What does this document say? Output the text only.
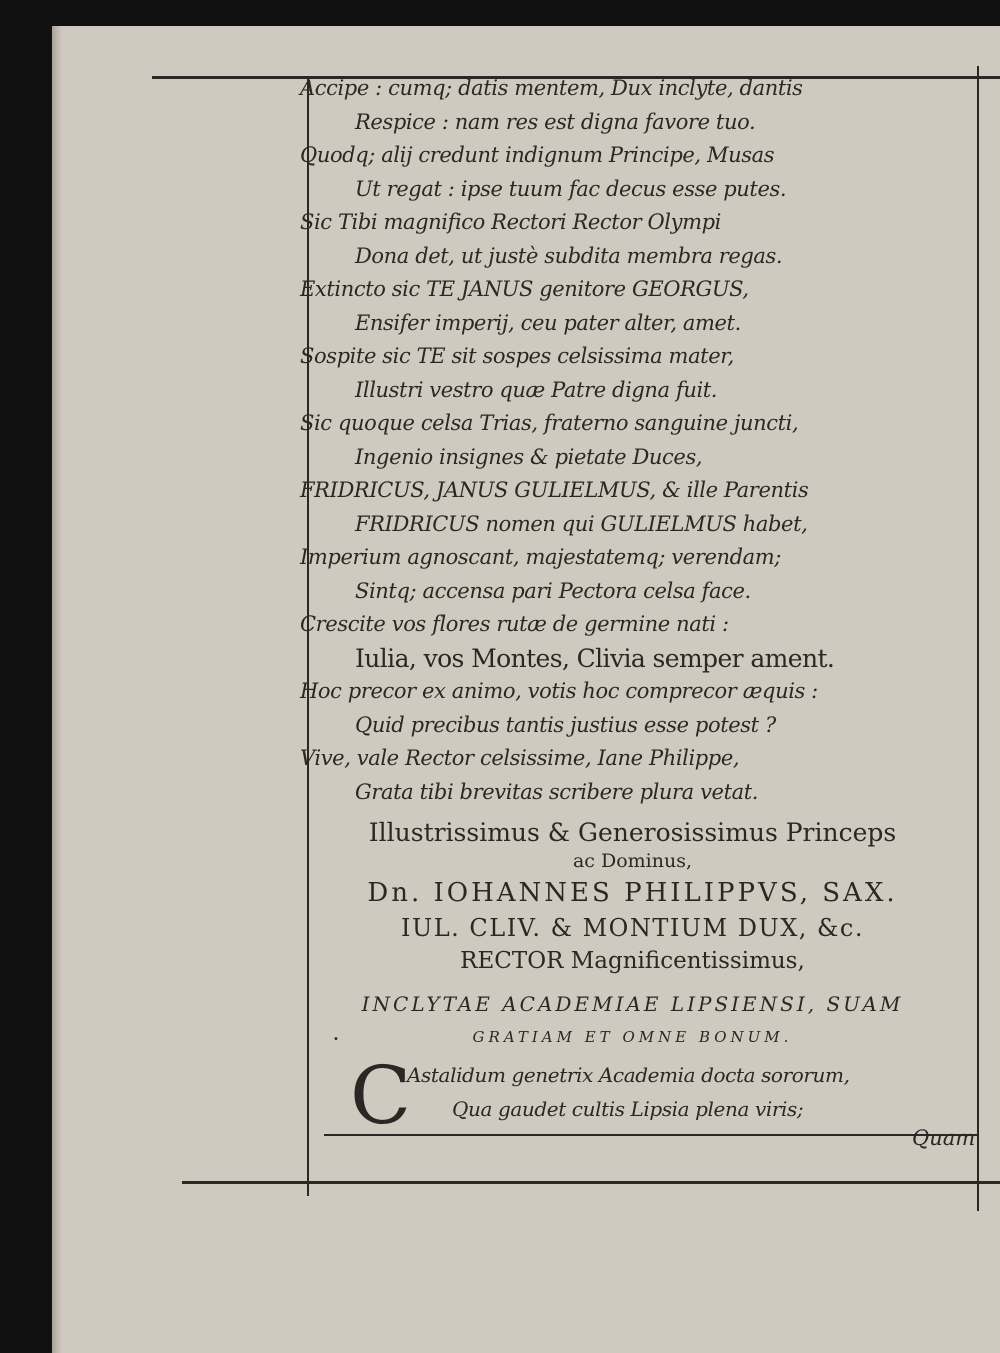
Accipe : cumq; datis mentem, Dux inclyte, dantis
Respice : nam res est digna favore tuo.
Quodq; alij credunt indignum Principe, Musas
Ut regat : ipse tuum fac decus esse putes.
Sic Tibi magnifico Rectori Rector Olympi
Dona det, ut justè subdita membra regas.
Extincto sic TE JANUS genitore GEORGUS,
Ensifer imperij, ceu pater alter, amet.
Sospite sic TE sit sospes celsissima mater,
Illustri vestro quæ Patre digna fuit.
Sic quoque celsa Trias, fraterno sanguine juncti,
Ingenio insignes & pietate Duces,
FRIDRICUS, JANUS GULIELMUS, & ille Parentis
FRIDRICUS nomen qui GULIELMUS habet,
Imperium agnoscant, majestatemq; verendam;
Sintq; accensa pari Pectora celsa face.
Crescite vos flores rutæ de germine nati :
Iulia, vos Montes, Clivia semper ament.
Hoc precor ex animo, votis hoc comprecor æquis :
Quid precibus tantis justius esse potest ?
Vive, vale Rector celsissime, Iane Philippe,
Grata tibi brevitas scribere plura vetat.
Illustrissimus & Generosissimus Princeps
ac Dominus,
Dn. IOHANNES PHILIPPVS, SAX.
IUL. CLIV. & MONTIUM DUX, &c.
RECTOR Magnificentissimus,
INCLYTAE ACADEMIAE LIPSIENSI, SUAM
GRATIAM ET OMNE BONUM.
•
C
Astalidum genetrix Academia docta sororum,
Qua gaudet cultis Lipsia plena viris;
Quam
